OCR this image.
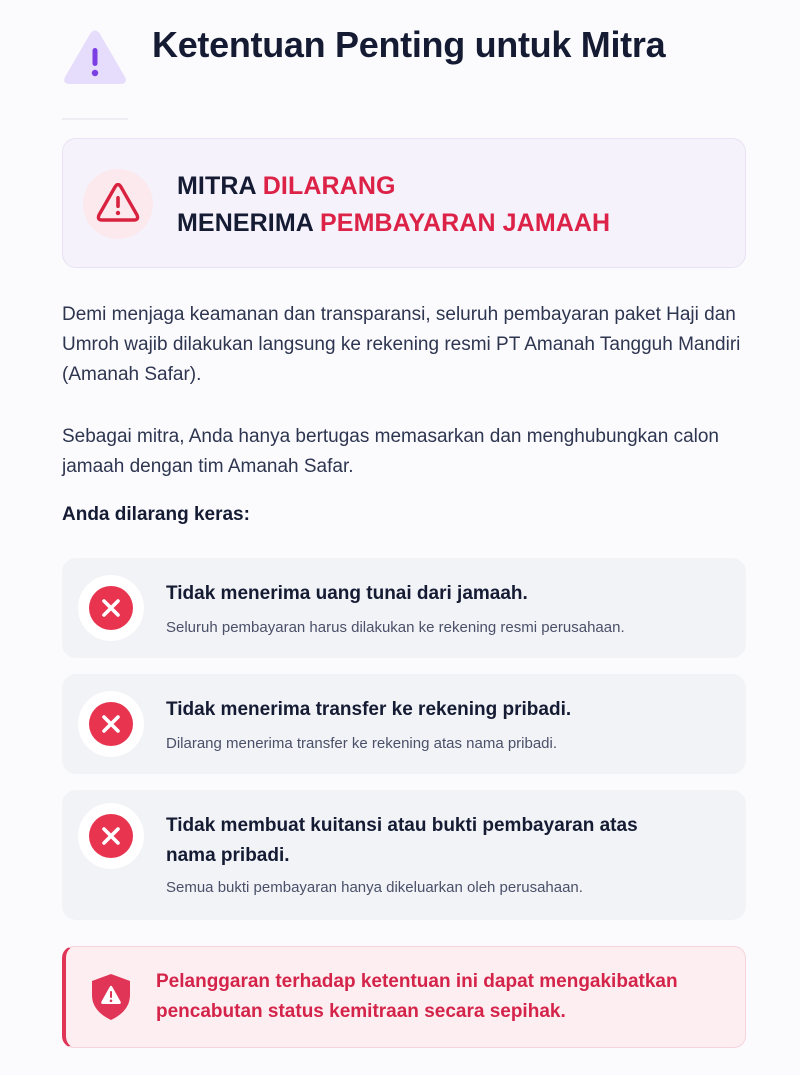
Ketentuan Penting untuk Mitra
MITRA DILARANG
MENERIMA PEMBAYARAN JAMAAH
Demi menjaga keamanan dan transparansi, seluruh pembayaran paket Haji dan Umroh wajib dilakukan langsung ke rekening resmi PT Amanah Tangguh Mandiri (Amanah Safar).
Sebagai mitra, Anda hanya bertugas memasarkan dan menghubungkan calon jamaah dengan tim Amanah Safar.
Anda dilarang keras:
Tidak menerima uang tunai dari jamaah.
Seluruh pembayaran harus dilakukan ke rekening resmi perusahaan.
Tidak menerima transfer ke rekening pribadi.
Dilarang menerima transfer ke rekening atas nama pribadi.
Tidak membuat kuitansi atau bukti pembayaran atas nama pribadi.
Semua bukti pembayaran hanya dikeluarkan oleh perusahaan.
Pelanggaran terhadap ketentuan ini dapat mengakibatkan pencabutan status kemitraan secara sepihak.
